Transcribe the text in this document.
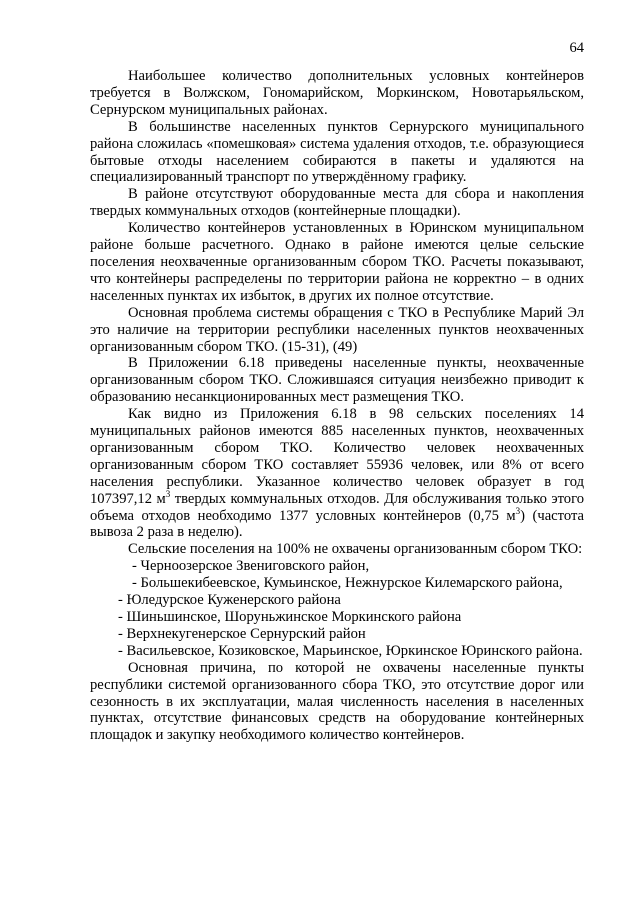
64

Наибольшее количество дополнительных условных контейнеров требуется в Волжском, Гономарийском, Моркинском, Новотарьяльском, Сернурском муниципальных районах.

В большинстве населенных пунктов Сернурского муниципального района сложилась «помешковая» система удаления отходов, т.е. образующиеся бытовые отходы населением собираются в пакеты и удаляются на специализированный транспорт по утверждённому графику.

В районе отсутствуют оборудованные места для сбора и накопления твердых коммунальных отходов (контейнерные площадки).

Количество контейнеров установленных в Юринском муниципальном районе больше расчетного. Однако в районе имеются целые сельские поселения неохваченные организованным сбором ТКО. Расчеты показывают, что контейнеры распределены по территории района не корректно – в одних населенных пунктах их избыток, в других их полное отсутствие.

Основная проблема системы обращения с ТКО в Республике Марий Эл это наличие на территории республики населенных пунктов неохваченных организованным сбором ТКО. (15-31), (49)

В Приложении 6.18 приведены населенные пункты, неохваченные организованным сбором ТКО. Сложившаяся ситуация неизбежно приводит к образованию несанкционированных мест размещения ТКО.

Как видно из Приложения 6.18 в 98 сельских поселениях 14 муниципальных районов имеются 885 населенных пунктов, неохваченных организованным сбором ТКО. Количество человек неохваченных организованным сбором ТКО составляет 55936 человек, или 8% от всего населения республики. Указанное количество человек образует в год 107397,12 $м^3$ твердых коммунальных отходов. Для обслуживания только этого объема отходов необходимо 1377 условных контейнеров (0,75 $м^3$) (частота вывоза 2 раза в неделю).

Сельские поселения на 100% не охвачены организованным сбором ТКО:

- Черноозерское Звениговского район,

- Большекибеевское, Кумьинское, Нежнурское Килемарского района,

- Юледурское Куженерского района

- Шиньшинское, Шоруньжинское Моркинского района

- Верхнекугенерское Сернурский район

- Васильевское, Козиковское, Марьинское, Юркинское Юринского района.

Основная причина, по которой не охвачены населенные пункты республики системой организованного сбора ТКО, это отсутствие дорог или сезонность в их эксплуатации, малая численность населения в населенных пунктах, отсутствие финансовых средств на оборудование контейнерных площадок и закупку необходимого количество контейнеров.
